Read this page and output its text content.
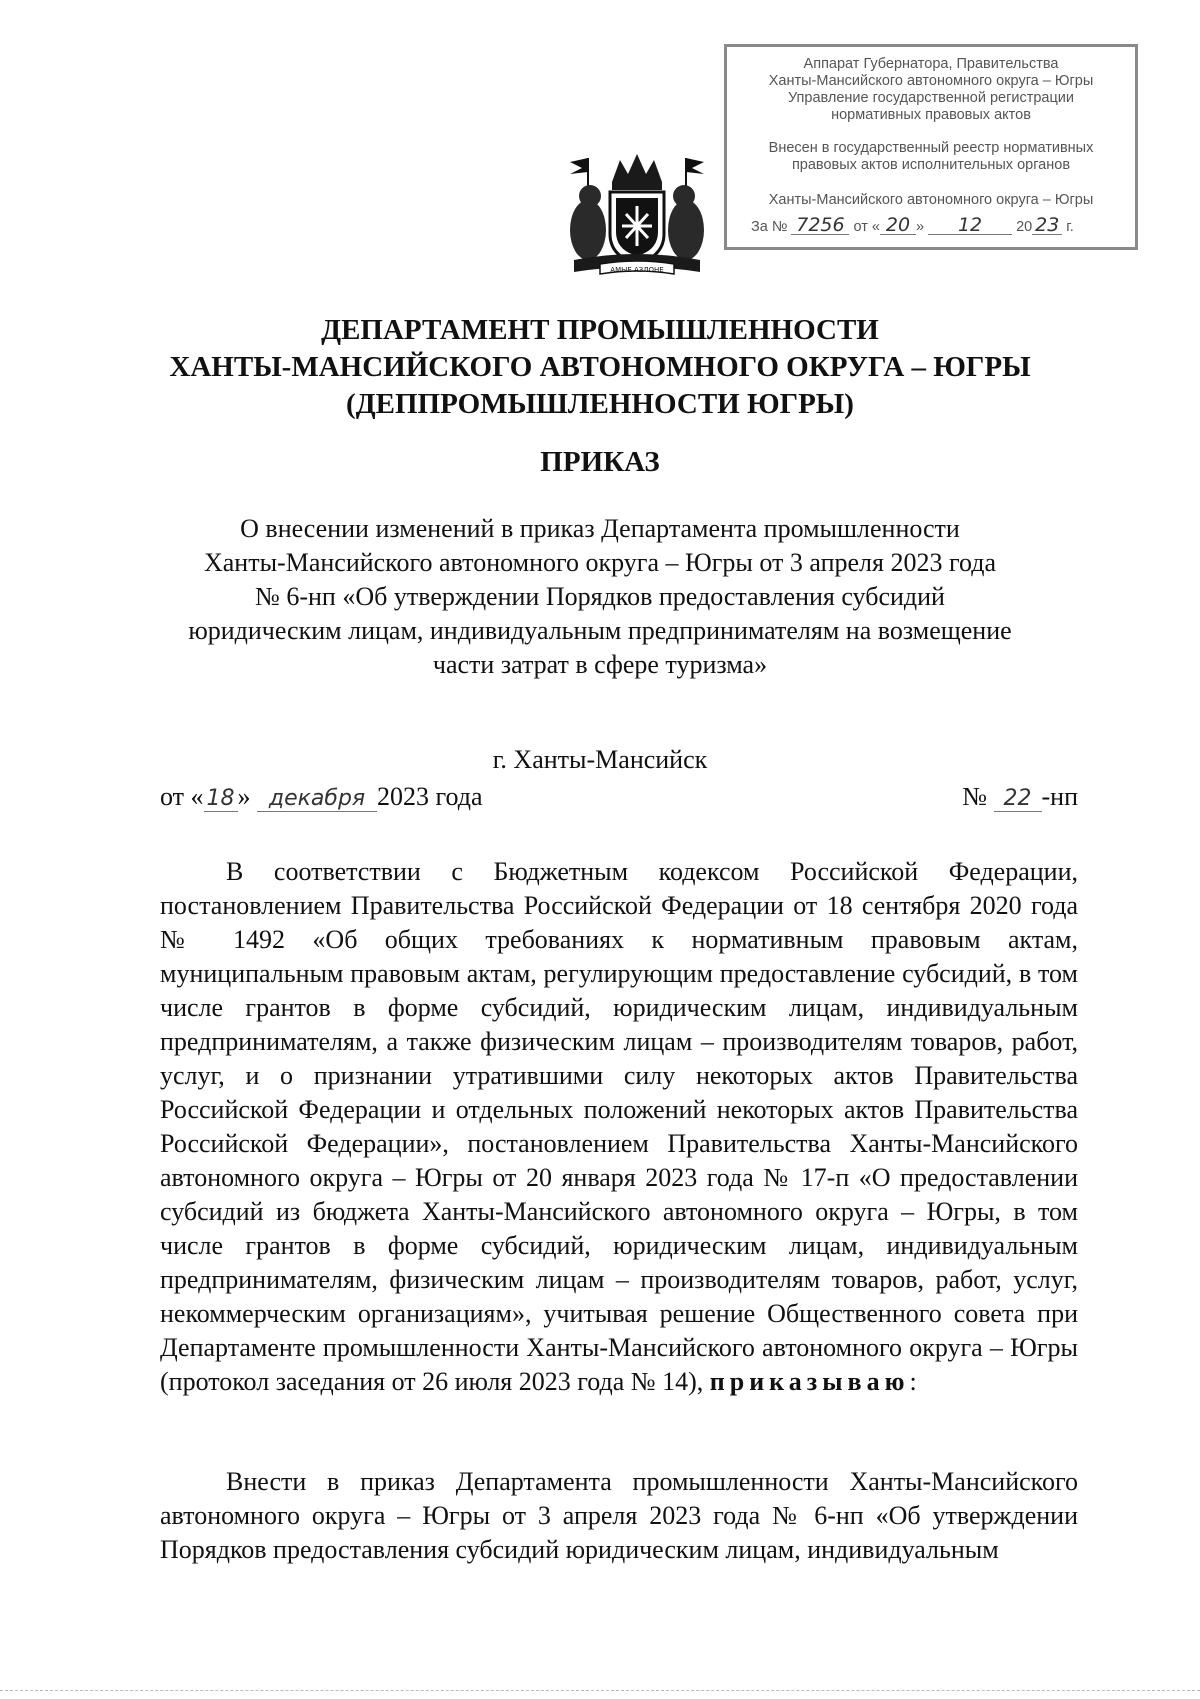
Аппарат Губернатора, Правительства
Ханты-Мансийского автономного округа – Югры
Управление государственной регистрации
нормативных правовых актов
Внесен в государственный реестр нормативных
правовых актов исполнительных органов
Ханты-Мансийского автономного округа – Югры
За № 7256 от « 20 » 12 20 23 г.
АМЫЕ АЗЛОНЕ
ДЕПАРТАМЕНТ ПРОМЫШЛЕННОСТИ
ХАНТЫ-МАНСИЙСКОГО АВТОНОМНОГО ОКРУГА – ЮГРЫ
(ДЕППРОМЫШЛЕННОСТИ ЮГРЫ)
ПРИКАЗ
О внесении изменений в приказ Департамента промышленности
Ханты-Мансийского автономного округа – Югры от 3 апреля 2023 года
№ 6-нп «Об утверждении Порядков предоставления субсидий
юридическим лицам, индивидуальным предпринимателям на возмещение
части затрат в сфере туризма»
г. Ханты-Мансийск
от « 18 » декабря 2023 года	№ 22 -нп

В соответствии с Бюджетным кодексом Российской Федерации, постановлением Правительства Российской Федерации от 18 сентября 2020 года № 1492 «Об общих требованиях к нормативным правовым актам, муниципальным правовым актам, регулирующим предоставление субсидий, в том числе грантов в форме субсидий, юридическим лицам, индивидуальным предпринимателям, а также физическим лицам – производителям товаров, работ, услуг, и о признании утратившими силу некоторых актов Правительства Российской Федерации и отдельных положений некоторых актов Правительства Российской Федерации», постановлением Правительства Ханты-Мансийского автономного округа – Югры от 20 января 2023 года № 17-п «О предоставлении субсидий из бюджета Ханты-Мансийского автономного округа – Югры, в том числе грантов в форме субсидий, юридическим лицам, индивидуальным предпринимателям, физическим лицам – производителям товаров, работ, услуг, некоммерческим организациям», учитывая решение Общественного совета при Департаменте промышленности Ханты-Мансийского автономного округа – Югры (протокол заседания от 26 июля 2023 года № 14), приказываю:

Внести в приказ Департамента промышленности Ханты-Мансийского автономного округа – Югры от 3 апреля 2023 года № 6-нп «Об утверждении Порядков предоставления субсидий юридическим лицам, индивидуальным
